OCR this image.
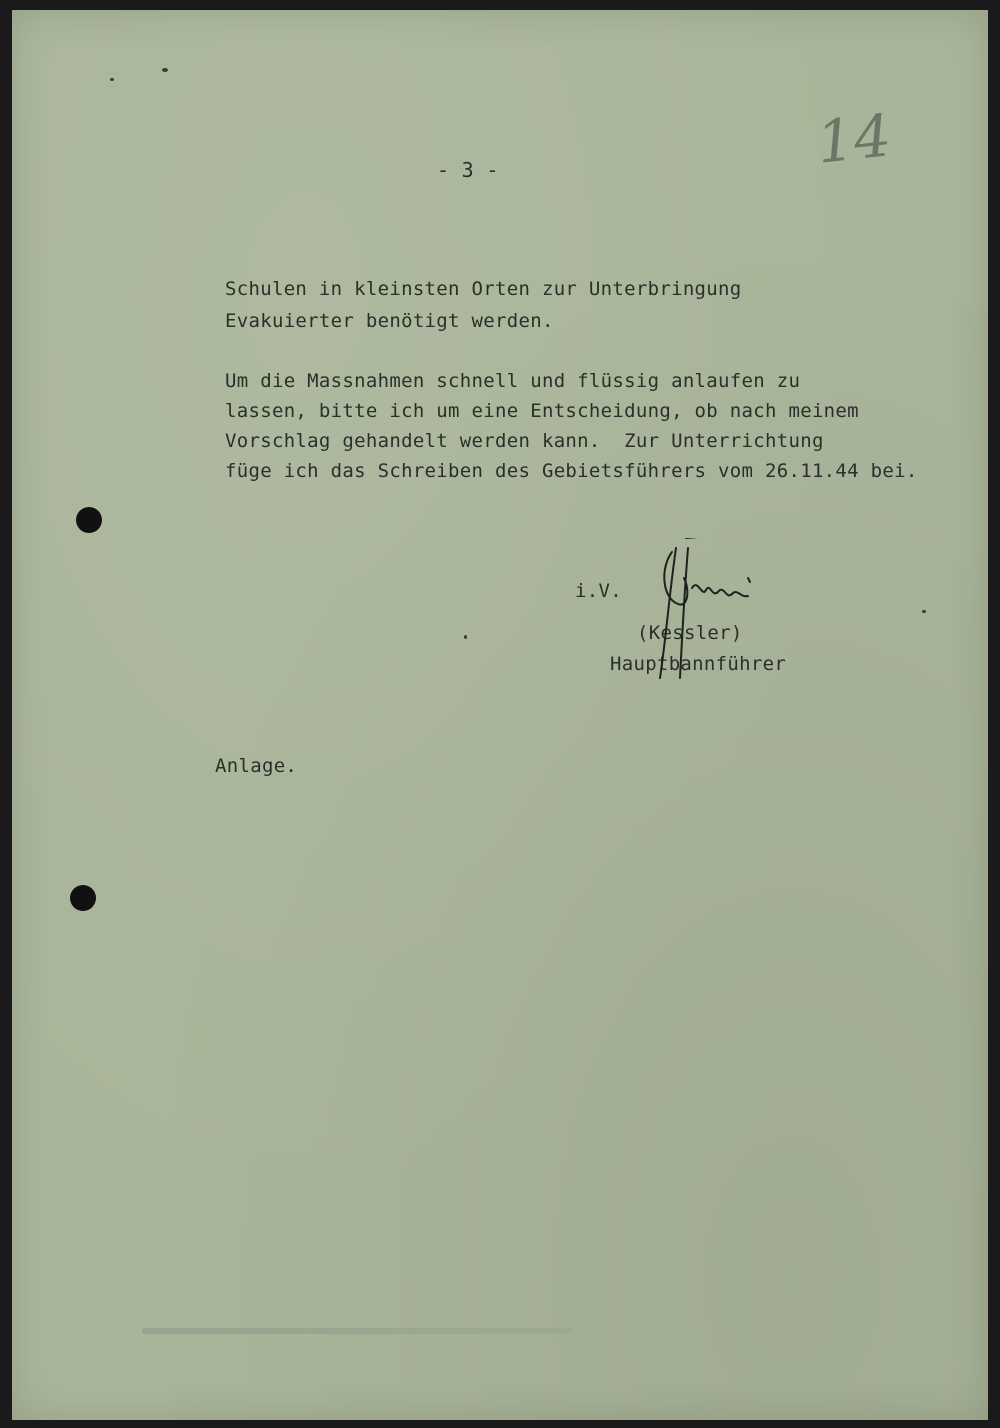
14
- 3 -
Schulen in kleinsten Orten zur Unterbringung
Evakuierter benötigt werden.
Um die Massnahmen schnell und flüssig anlaufen zu
lassen, bitte ich um eine Entscheidung, ob nach meinem
Vorschlag gehandelt werden kann.  Zur Unterrichtung
füge ich das Schreiben des Gebietsführers vom 26.11.44 bei.
i.V.
(Kessler)
Hauptbannführer
Anlage.
